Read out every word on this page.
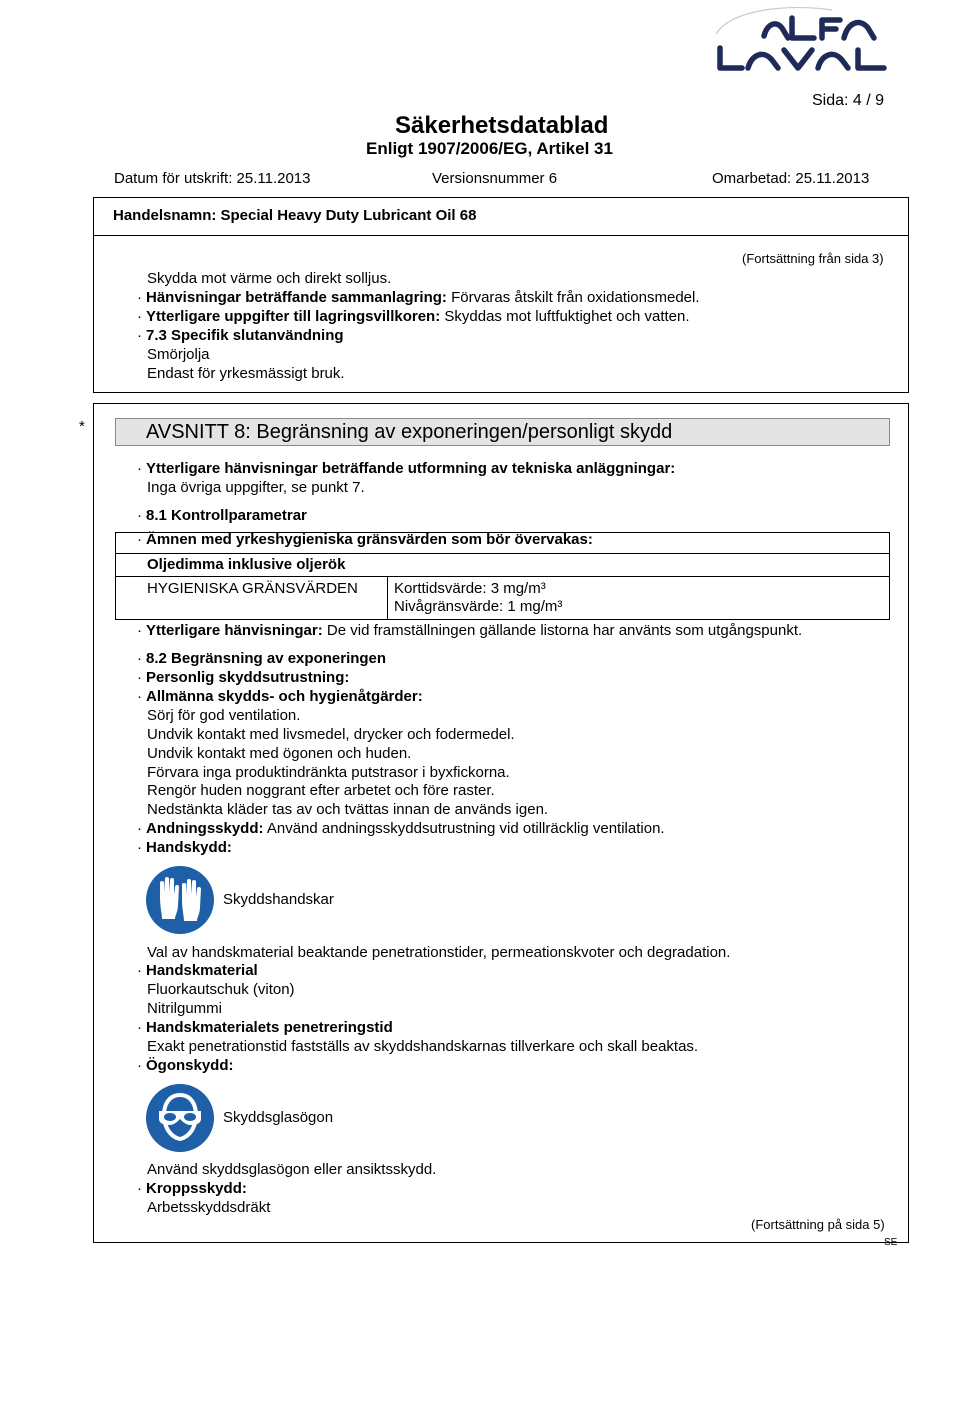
Sida: 4 / 9
Säkerhetsdatablad
Enligt 1907/2006/EG, Artikel 31
Datum för utskrift: 25.11.2013	Versionsnummer 6	Omarbetad: 25.11.2013
Handelsnamn: Special Heavy Duty Lubricant Oil 68
(Fortsättning från sida 3)
Skydda mot värme och direkt solljus.
· Hänvisningar beträffande sammanlagring: Förvaras åtskilt från oxidationsmedel.
· Ytterligare uppgifter till lagringsvillkoren: Skyddas mot luftfuktighet och vatten.
· 7.3 Specifik slutanvändning
Smörjolja
Endast för yrkesmässigt bruk.
*	AVSNITT 8: Begränsning av exponeringen/personligt skydd
· Ytterligare hänvisningar beträffande utformning av tekniska anläggningar:
Inga övriga uppgifter, se punkt 7.
· 8.1 Kontrollparametrar
· Ämnen med yrkeshygieniska gränsvärden som bör övervakas:
Oljedimma inklusive oljerök
HYGIENISKA GRÄNSVÄRDEN Korttidsvärde: 3 mg/m³
Nivågränsvärde: 1 mg/m³
· Ytterligare hänvisningar: De vid framställningen gällande listorna har använts som utgångspunkt.
· 8.2 Begränsning av exponeringen
· Personlig skyddsutrustning:
· Allmänna skydds- och hygienåtgärder:
Sörj för god ventilation.
Undvik kontakt med livsmedel, drycker och fodermedel.
Undvik kontakt med ögonen och huden.
Förvara inga produktindränkta putstrasor i byxfickorna.
Rengör huden noggrant efter arbetet och före raster.
Nedstänkta kläder tas av och tvättas innan de används igen.
· Andningsskydd: Använd andningsskyddsutrustning vid otillräcklig ventilation.
· Handskydd:
Skyddshandskar
Val av handskmaterial beaktande penetrationstider, permeationskvoter och degradation.
· Handskmaterial
Fluorkautschuk (viton)
Nitrilgummi
· Handskmaterialets penetreringstid
Exakt penetrationstid fastställs av skyddshandskarnas tillverkare och skall beaktas.
· Ögonskydd:
Skyddsglasögon
Använd skyddsglasögon eller ansiktsskydd.
· Kroppsskydd:
Arbetsskyddsdräkt
(Fortsättning på sida 5)
SE
